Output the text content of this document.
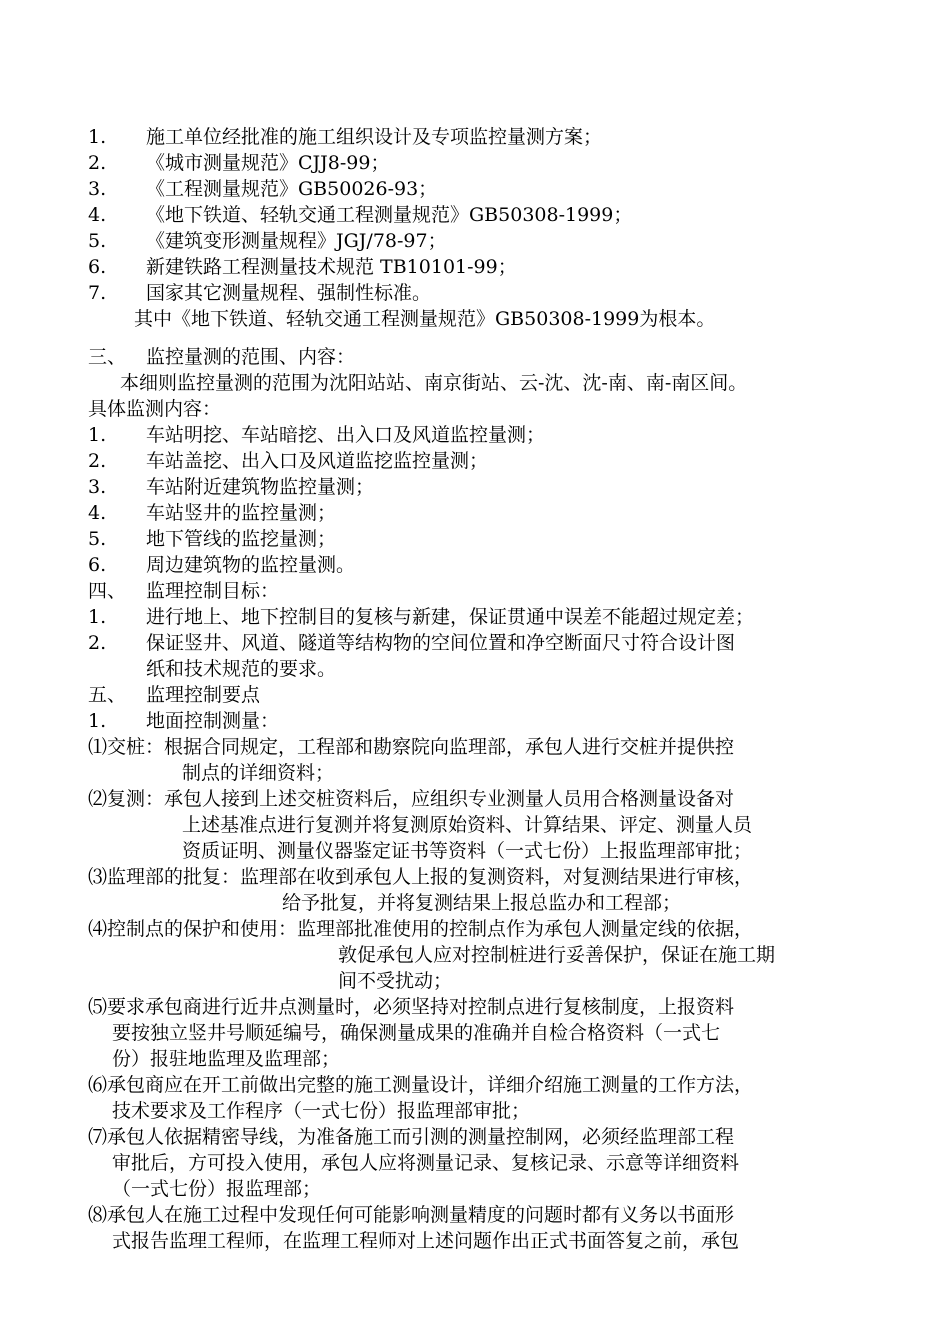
1. 施工单位经批准的施工组织设计及专项监控量测方案；
2. 《城市测量规范》CJJ8-99；
3. 《工程测量规范》GB50026-93；
4. 《地下铁道、轻轨交通工程测量规范》GB50308-1999；
5. 《建筑变形测量规程》JGJ/78-97；
6. 新建铁路工程测量技术规范 TB10101-99；
7. 国家其它测量规程、强制性标准。
其中《地下铁道、轻轨交通工程测量规范》GB50308-1999为根本。
三、 监控量测的范围、内容：
本细则监控量测的范围为沈阳站站、南京街站、云-沈、沈-南、南-南区间。
具体监测内容：
1. 车站明挖、车站暗挖、出入口及风道监控量测；
2. 车站盖挖、出入口及风道监挖监控量测；
3. 车站附近建筑物监控量测；
4. 车站竖井的监控量测；
5. 地下管线的监挖量测；
6. 周边建筑物的监控量测。
四、 监理控制目标：
1. 进行地上、地下控制目的复核与新建，保证贯通中误差不能超过规定差；
2. 保证竖井、风道、隧道等结构物的空间位置和净空断面尺寸符合设计图
纸和技术规范的要求。
五、 监理控制要点
1. 地面控制测量：
⑴交桩：根据合同规定，工程部和勘察院向监理部，承包人进行交桩并提供控
制点的详细资料；
⑵复测：承包人接到上述交桩资料后，应组织专业测量人员用合格测量设备对
上述基准点进行复测并将复测原始资料、计算结果、评定、测量人员
资质证明、测量仪器鉴定证书等资料（一式七份）上报监理部审批；
⑶监理部的批复：监理部在收到承包人上报的复测资料，对复测结果进行审核，
给予批复，并将复测结果上报总监办和工程部；
⑷控制点的保护和使用：监理部批准使用的控制点作为承包人测量定线的依据，
敦促承包人应对控制桩进行妥善保护，保证在施工期
间不受扰动；
⑸要求承包商进行近井点测量时，必须坚持对控制点进行复核制度，上报资料
要按独立竖井号顺延编号，确保测量成果的准确并自检合格资料（一式七
份）报驻地监理及监理部；
⑹承包商应在开工前做出完整的施工测量设计，详细介绍施工测量的工作方法，
技术要求及工作程序（一式七份）报监理部审批；
⑺承包人依据精密导线，为准备施工而引测的测量控制网，必须经监理部工程
审批后，方可投入使用，承包人应将测量记录、复核记录、示意等详细资料
（一式七份）报监理部；
⑻承包人在施工过程中发现任何可能影响测量精度的问题时都有义务以书面形
式报告监理工程师，在监理工程师对上述问题作出正式书面答复之前，承包
